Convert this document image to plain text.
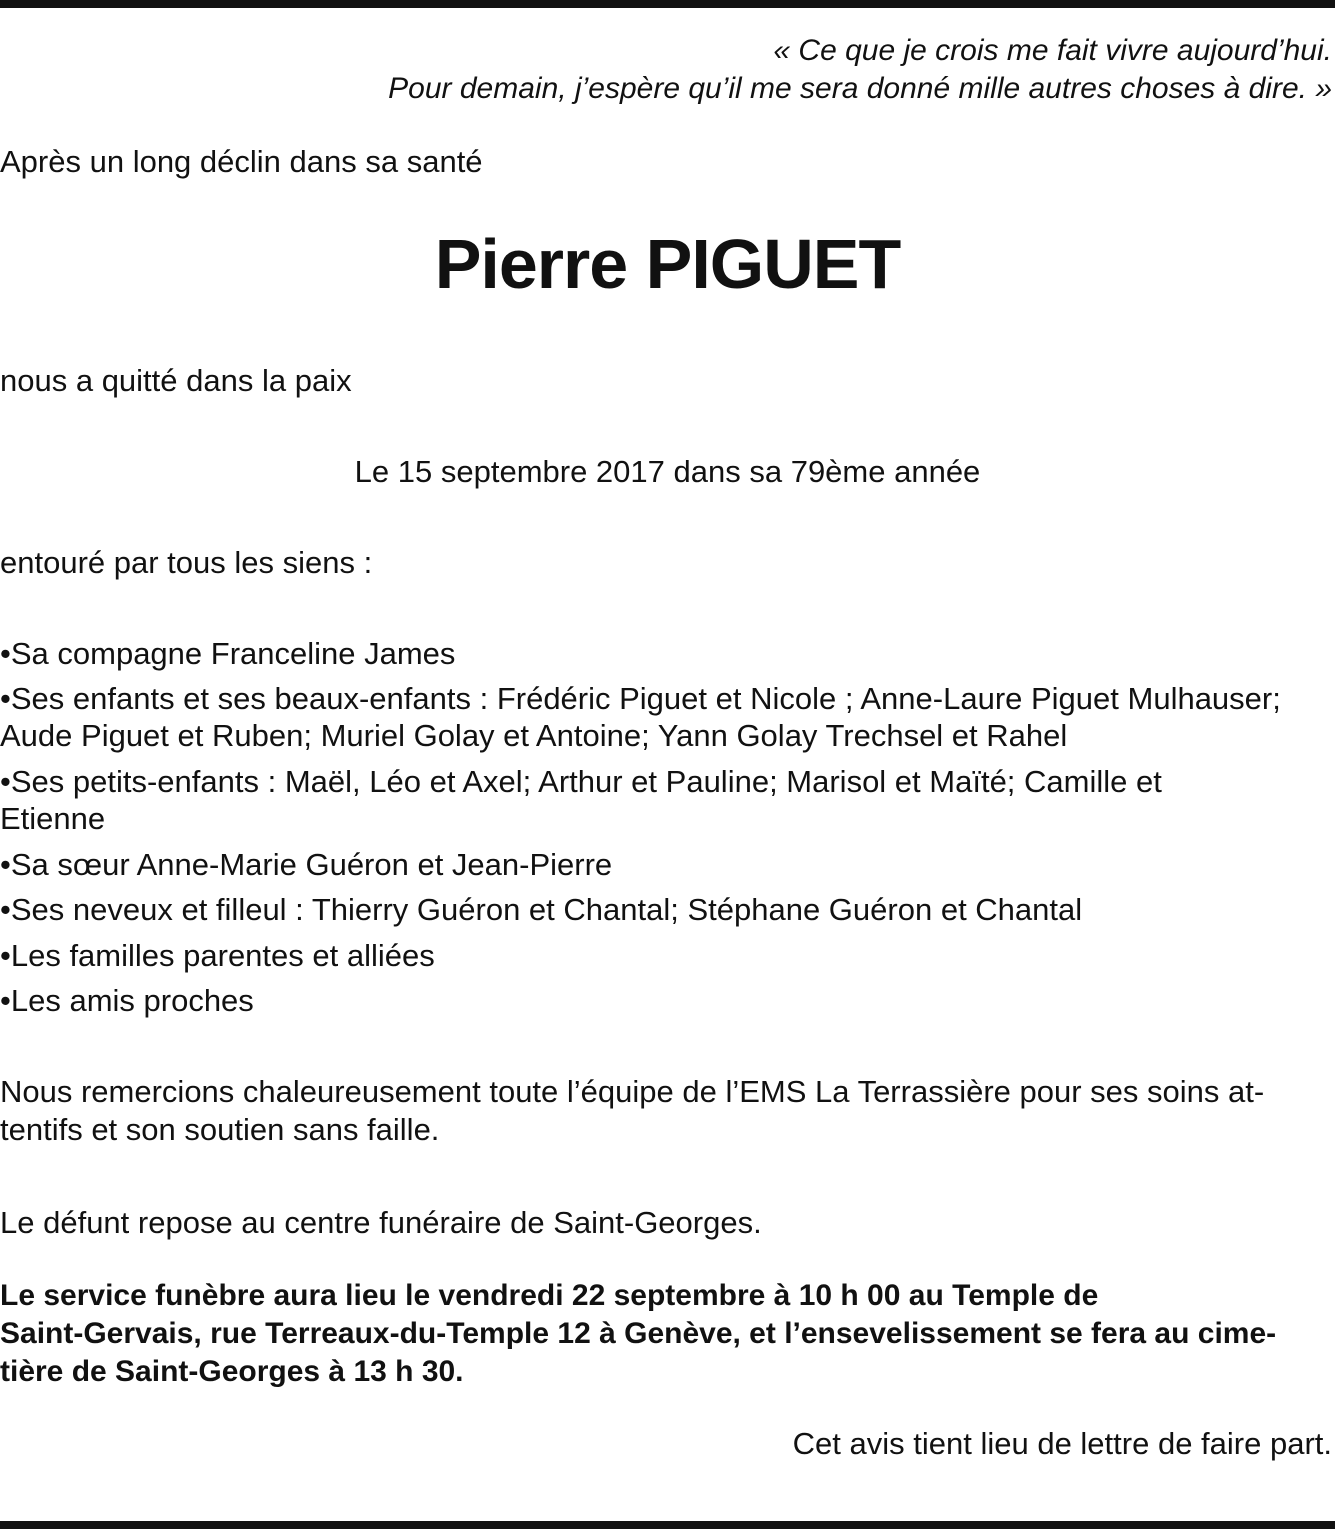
« Ce que je crois me fait vivre aujourd’hui.
Pour demain, j’espère qu’il me sera donné mille autres choses à dire. »
Après un long déclin dans sa santé
Pierre PIGUET
nous a quitté dans la paix
Le 15 septembre 2017 dans sa 79ème année
entouré par tous les siens :
•Sa compagne Franceline James
•Ses enfants et ses beaux-enfants : Frédéric Piguet et Nicole ; Anne-Laure Piguet Mulhauser;
Aude Piguet et Ruben; Muriel Golay et Antoine; Yann Golay Trechsel et Rahel
•Ses petits-enfants : Maël, Léo et Axel; Arthur et Pauline; Marisol et Maïté; Camille et
Etienne
•Sa sœur Anne-Marie Guéron et Jean-Pierre
•Ses neveux et filleul : Thierry Guéron et Chantal; Stéphane Guéron et Chantal
•Les familles parentes et alliées
•Les amis proches
Nous remercions chaleureusement toute l’équipe de l’EMS La Terrassière pour ses soins at-
tentifs et son soutien sans faille.
Le défunt repose au centre funéraire de Saint-Georges.
Le service funèbre aura lieu le vendredi 22 septembre à 10 h 00 au Temple de
Saint-Gervais, rue Terreaux-du-Temple 12 à Genève, et l’ensevelissement se fera au cime-
tière de Saint-Georges à 13 h 30.
Cet avis tient lieu de lettre de faire part.
